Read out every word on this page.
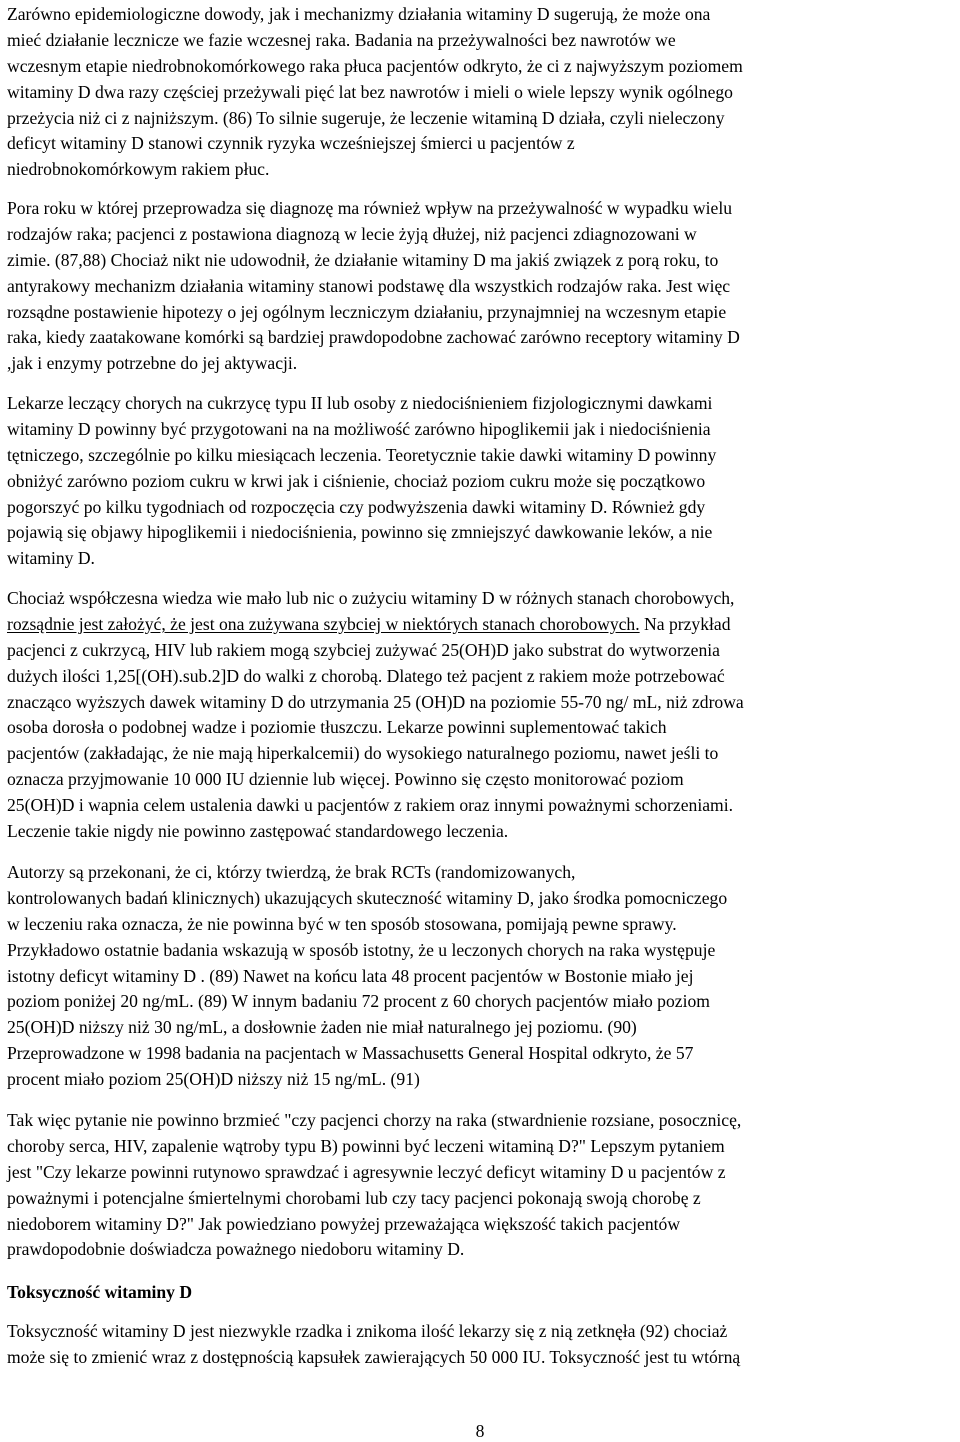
Zarówno epidemiologiczne dowody, jak i mechanizmy działania witaminy D sugerują, że może ona
mieć działanie lecznicze we fazie wczesnej raka. Badania na przeżywalności bez nawrotów we
wczesnym etapie niedrobnokomórkowego raka płuca pacjentów odkryto, że ci z najwyższym poziomem
witaminy D dwa razy częściej przeżywali pięć lat bez nawrotów i mieli o wiele lepszy wynik ogólnego
przeżycia niż ci z najniższym. (86) To silnie sugeruje, że leczenie witaminą D działa, czyli nieleczony
deficyt witaminy D stanowi czynnik ryzyka wcześniejszej śmierci u pacjentów z
niedrobnokomórkowym rakiem płuc.

Pora roku w której przeprowadza się diagnozę ma również wpływ na przeżywalność w wypadku wielu
rodzajów raka; pacjenci z postawiona diagnozą w lecie żyją dłużej, niż pacjenci zdiagnozowani w
zimie. (87,88) Chociaż nikt nie udowodnił, że działanie witaminy D ma jakiś związek z porą roku, to
antyrakowy mechanizm działania witaminy stanowi podstawę dla wszystkich rodzajów raka. Jest więc
rozsądne postawienie hipotezy o jej ogólnym leczniczym działaniu, przynajmniej na wczesnym etapie
raka, kiedy zaatakowane komórki są bardziej prawdopodobne zachować zarówno receptory witaminy D
,jak i enzymy potrzebne do jej aktywacji.

Lekarze leczący chorych na cukrzycę typu II lub osoby z niedociśnieniem fizjologicznymi dawkami
witaminy D powinny być przygotowani na na możliwość zarówno hipoglikemii jak i niedociśnienia
tętniczego, szczególnie po kilku miesiącach leczenia. Teoretycznie takie dawki witaminy D powinny
obniżyć zarówno poziom cukru w krwi jak i ciśnienie, chociaż poziom cukru może się początkowo
pogorszyć po kilku tygodniach od rozpoczęcia czy podwyższenia dawki witaminy D. Również gdy
pojawią się objawy hipoglikemii i niedociśnienia, powinno się zmniejszyć dawkowanie leków, a nie
witaminy D.

Chociaż współczesna wiedza wie mało lub nic o zużyciu witaminy D w różnych stanach chorobowych,
rozsądnie jest założyć, że jest ona zużywana szybciej w niektórych stanach chorobowych. Na przykład
pacjenci z cukrzycą, HIV lub rakiem mogą szybciej zużywać 25(OH)D jako substrat do wytworzenia
dużych ilości 1,25[(OH).sub.2]D do walki z chorobą. Dlatego też pacjent z rakiem może potrzebować
znacząco wyższych dawek witaminy D do utrzymania 25 (OH)D na poziomie 55-70 ng/ mL, niż zdrowa
osoba dorosła o podobnej wadze i poziomie tłuszczu. Lekarze powinni suplementować takich
pacjentów (zakładając, że nie mają hiperkalcemii) do wysokiego naturalnego poziomu, nawet jeśli to
oznacza przyjmowanie 10 000 IU dziennie lub więcej. Powinno się często monitorować poziom
25(OH)D i wapnia celem ustalenia dawki u pacjentów z rakiem oraz innymi poważnymi schorzeniami.
Leczenie takie nigdy nie powinno zastępować standardowego leczenia.

Autorzy są przekonani, że ci, którzy twierdzą, że brak RCTs (randomizowanych,
kontrolowanych badań klinicznych) ukazujących skuteczność witaminy D, jako środka pomocniczego
w leczeniu raka oznacza, że nie powinna być w ten sposób stosowana, pomijają pewne sprawy.
Przykładowo ostatnie badania wskazują w sposób istotny, że u leczonych chorych na raka występuje
istotny deficyt witaminy D . (89) Nawet na końcu lata 48 procent pacjentów w Bostonie miało jej
poziom poniżej 20 ng/mL. (89) W innym badaniu 72 procent z 60 chorych pacjentów miało poziom
25(OH)D niższy niż 30 ng/mL, a dosłownie żaden nie miał naturalnego jej poziomu. (90)
Przeprowadzone w 1998 badania na pacjentach w Massachusetts General Hospital odkryto, że 57
procent miało poziom 25(OH)D niższy niż 15 ng/mL. (91)

Tak więc pytanie nie powinno brzmieć "czy pacjenci chorzy na raka (stwardnienie rozsiane, posocznicę,
choroby serca, HIV, zapalenie wątroby typu B) powinni być leczeni witaminą D?" Lepszym pytaniem
jest "Czy lekarze powinni rutynowo sprawdzać i agresywnie leczyć deficyt witaminy D u pacjentów z
poważnymi i potencjalne śmiertelnymi chorobami lub czy tacy pacjenci pokonają swoją chorobę z
niedoborem witaminy D?" Jak powiedziano powyżej przeważająca większość takich pacjentów
prawdopodobnie doświadcza poważnego niedoboru witaminy D.

Toksyczność witaminy D

Toksyczność witaminy D jest niezwykle rzadka i znikoma ilość lekarzy się z nią zetknęła (92) chociaż
może się to zmienić wraz z dostępnością kapsułek zawierających 50 000 IU. Toksyczność jest tu wtórną

8
